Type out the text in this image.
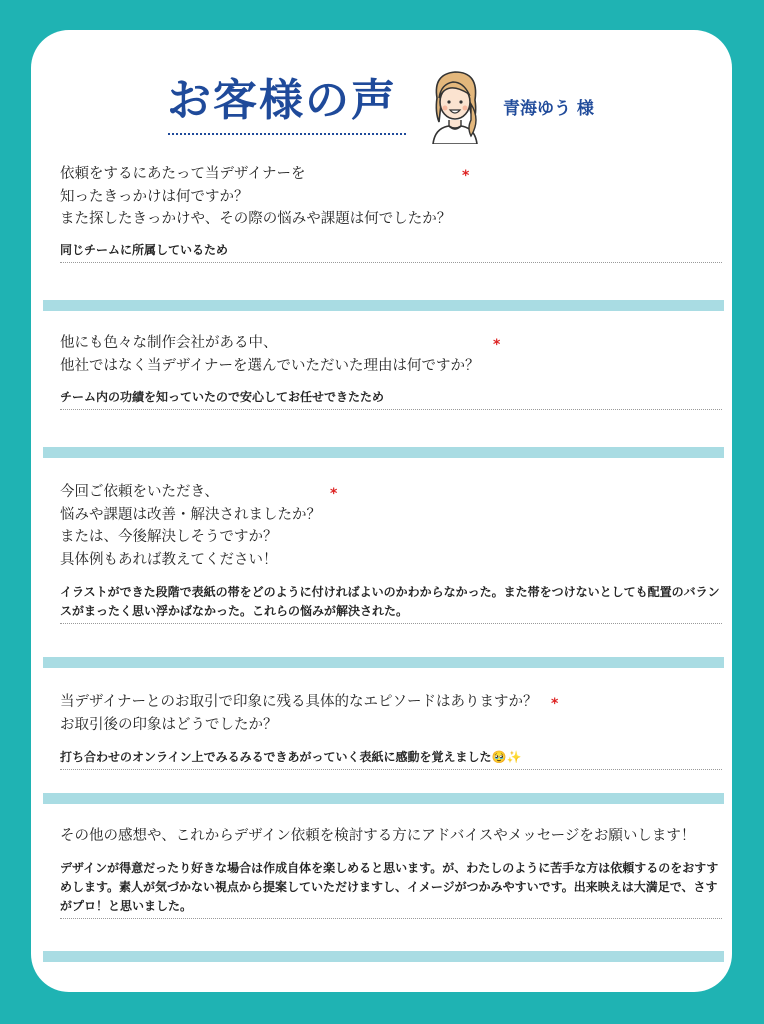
お客様の声	青海ゆう 様
依頼をするにあたって当デザイナーを
知ったきっかけは何ですか？
また探したきっかけや、その際の悩みや課題は何でしたか？
*
同じチームに所属しているため
他にも色々な制作会社がある中、
他社ではなく当デザイナーを選んでいただいた理由は何ですか？
*
チーム内の功績を知っていたので安心してお任せできたため
今回ご依頼をいただき、
悩みや課題は改善・解決されましたか？
または、今後解決しそうですか？
具体例もあれば教えてください！
*
イラストができた段階で表紙の帯をどのように付ければよいのかわからなかった。また帯をつけないとしても配置のバランスがまったく思い浮かばなかった。これらの悩みが解決された。
当デザイナーとのお取引で印象に残る具体的なエピソードはありますか？
お取引後の印象はどうでしたか？
*
打ち合わせのオンライン上でみるみるできあがっていく表紙に感動を覚えました🥹✨
その他の感想や、これからデザイン依頼を検討する方にアドバイスやメッセージをお願いします！
デザインが得意だったり好きな場合は作成自体を楽しめると思います。が、わたしのように苦手な方は依頼するのをおすすめします。素人が気づかない視点から提案していただけますし、イメージがつかみやすいです。出来映えは大満足で、さすがプロ！と思いました。
